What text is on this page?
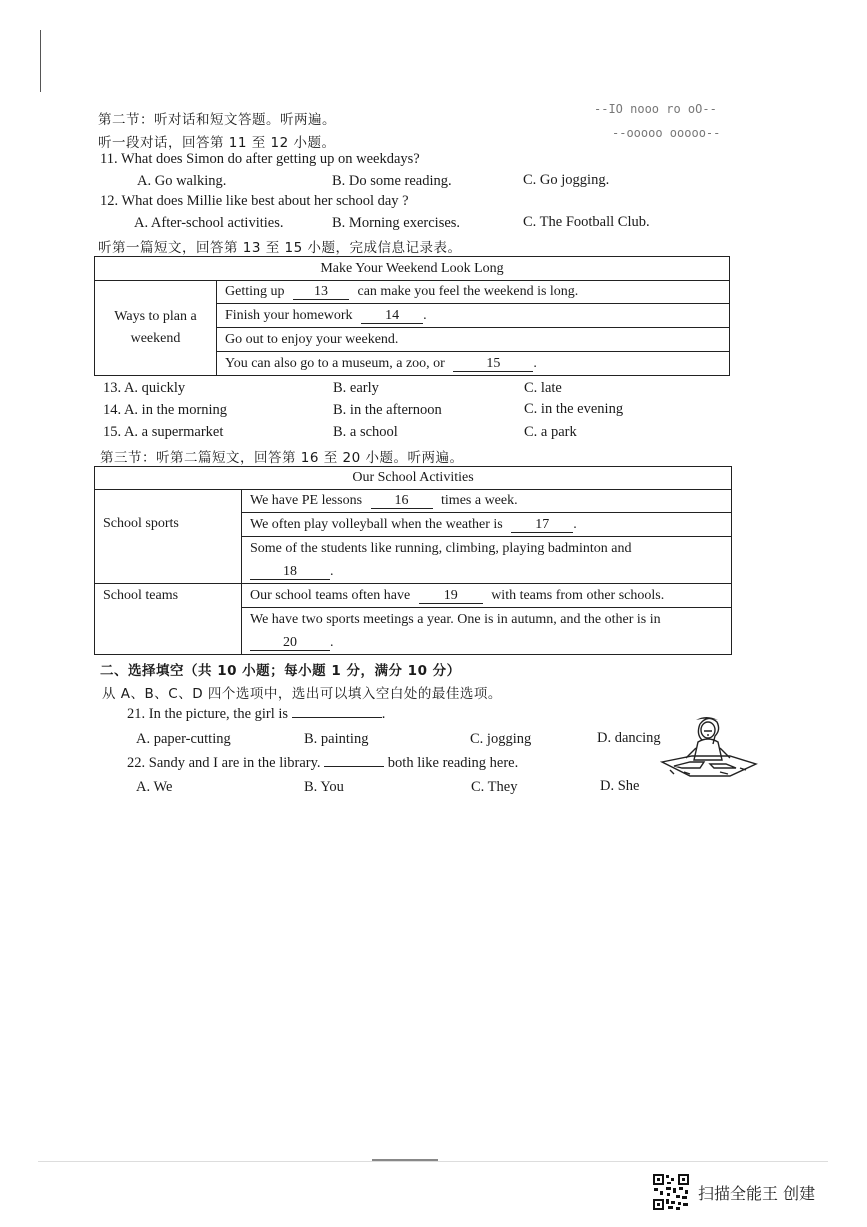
--IO nooo ro oO--
--ooooo ooooo--
第二节：听对话和短文答题。听两遍。
听一段对话，回答第 11 至 12 小题。
11. What does Simon do after getting up on weekdays?
A. Go walking.	B. Do some reading.	C. Go jogging.
12. What does Millie like best about her school day ?
A. After-school activities.	B. Morning exercises.	C. The Football Club.
听第一篇短文，回答第 13 至 15 小题，完成信息记录表。
Make Your Weekend Look Long
Ways to plan a weekend	Getting up 13 can make you feel the weekend is long.
Finish your homework 14 .
Go out to enjoy your weekend.
You can also go to a museum, a zoo, or	15 .
13. A. quickly	B. early	C. late
14. A. in the morning	B. in the afternoon	C. in the evening
15. A. a supermarket	B. a school	C. a park
第三节：听第二篇短文，回答第 16 至 20 小题。听两遍。
Our School Activities	
School sports	We have PE lessons 16 times a week.
	We often play volleyball when the weather is 17 .
	Some of the students like running, climbing, playing badminton and
18 .
School teams	Our school teams often have 19 with teams from other schools.
	We have two sports meetings a year. One is in autumn, and the other is in
20 .
二、选择填空（共 10 小题；每小题 1 分，满分 10 分）
从 A、B、C、D 四个选项中，选出可以填入空白处的最佳选项。
21. In the picture, the girl is	.
A. paper-cutting	B. painting	C. jogging	D. dancing
22. Sandy and I are in the library.	both like reading here.
A. We	B. You	C. They	D. She
扫描全能王 创建
